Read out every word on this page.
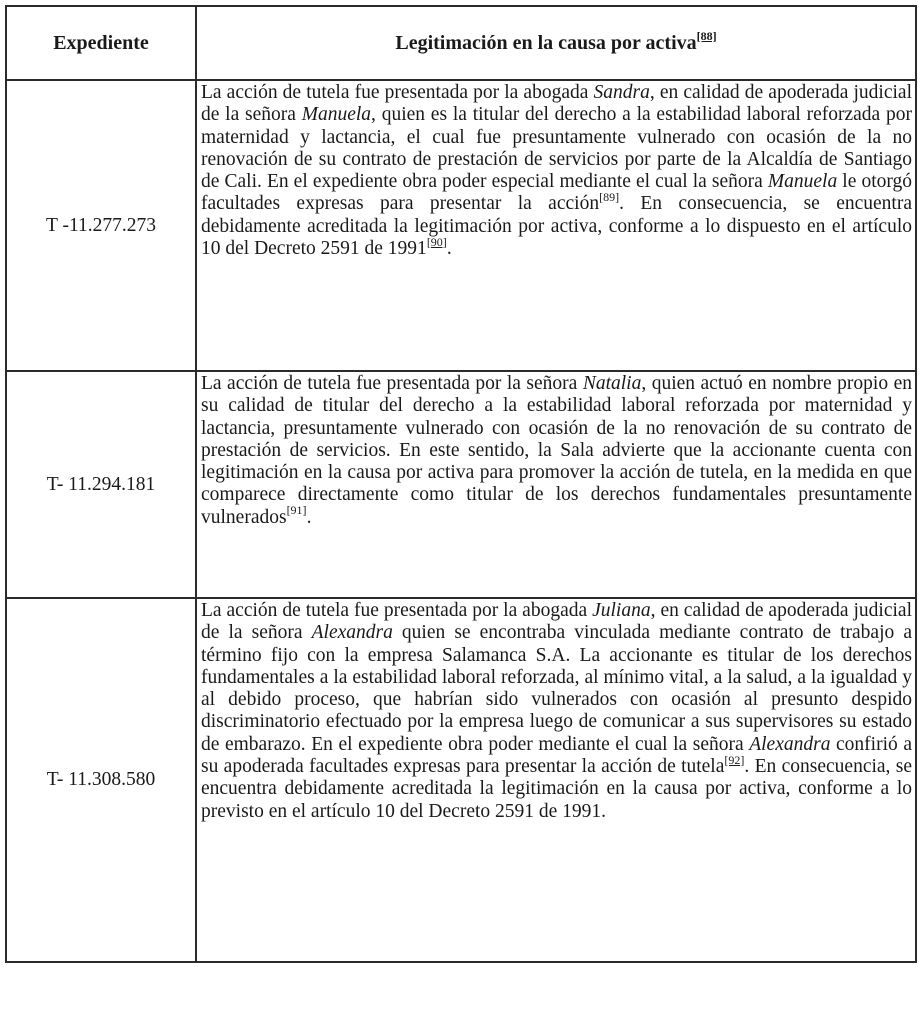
Expediente	Legitimación en la causa por activa[88]
T -11.277.273	La acción de tutela fue presentada por la abogada Sandra, en calidad de apoderada judicial de la señora Manuela, quien es la titular del derecho a la estabilidad laboral reforzada por maternidad y lactancia, el cual fue presuntamente vulnerado con ocasión de la no renovación de su contrato de prestación de servicios por parte de la Alcaldía de Santiago de Cali. En el expediente obra poder especial mediante el cual la señora Manuela le otorgó facultades expresas para presentar la acción[89]. En consecuencia, se encuentra debidamente acreditada la legitimación por activa, conforme a lo dispuesto en el artículo 10 del Decreto 2591 de 1991[90].
T- 11.294.181	La acción de tutela fue presentada por la señora Natalia, quien actuó en nombre propio en su calidad de titular del derecho a la estabilidad laboral reforzada por maternidad y lactancia, presuntamente vulnerado con ocasión de la no renovación de su contrato de prestación de servicios. En este sentido, la Sala advierte que la accionante cuenta con legitimación en la causa por activa para promover la acción de tutela, en la medida en que comparece directamente como titular de los derechos fundamentales presuntamente vulnerados[91].
T- 11.308.580	La acción de tutela fue presentada por la abogada Juliana, en calidad de apoderada judicial de la señora Alexandra quien se encontraba vinculada mediante contrato de trabajo a término fijo con la empresa Salamanca S.A. La accionante es titular de los derechos fundamentales a la estabilidad laboral reforzada, al mínimo vital, a la salud, a la igualdad y al debido proceso, que habrían sido vulnerados con ocasión al presunto despido discriminatorio efectuado por la empresa luego de comunicar a sus supervisores su estado de embarazo. En el expediente obra poder mediante el cual la señora Alexandra confirió a su apoderada facultades expresas para presentar la acción de tutela[92]. En consecuencia, se encuentra debidamente acreditada la legitimación en la causa por activa, conforme a lo previsto en el artículo 10 del Decreto 2591 de 1991.
